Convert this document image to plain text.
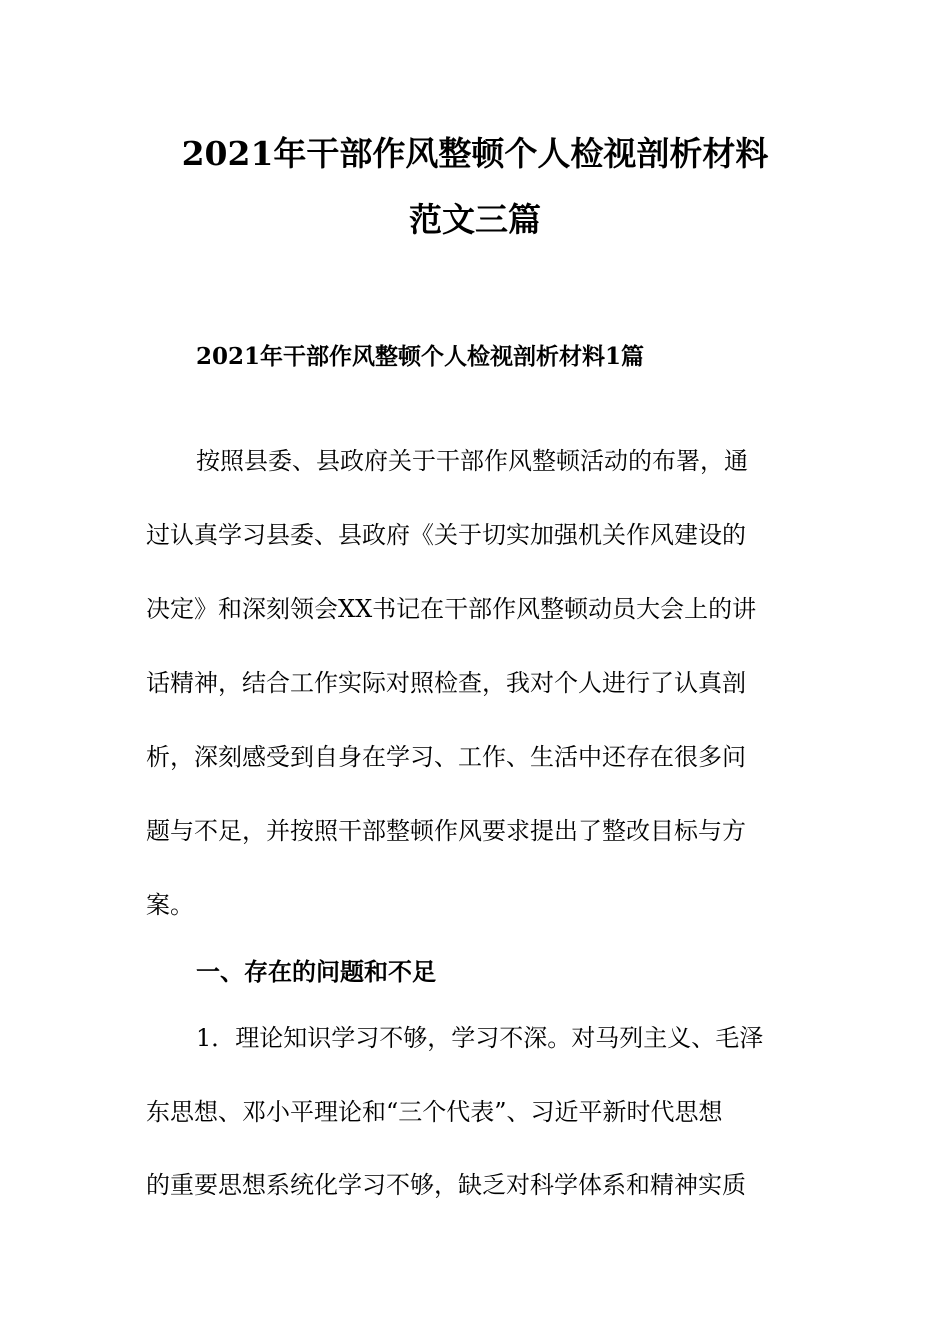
2021年干部作风整顿个人检视剖析材料
范文三篇
2021年干部作风整顿个人检视剖析材料1篇
按照县委、县政府关于干部作风整顿活动的布署，通
过认真学习县委、县政府《关于切实加强机关作风建设的
决定》和深刻领会XX书记在干部作风整顿动员大会上的讲
话精神，结合工作实际对照检查，我对个人进行了认真剖
析，深刻感受到自身在学习、工作、生活中还存在很多问
题与不足，并按照干部整顿作风要求提出了整改目标与方
案。
一、存在的问题和不足
1．理论知识学习不够，学习不深。对马列主义、毛泽
东思想、邓小平理论和“三个代表”、习近平新时代思想
的重要思想系统化学习不够，缺乏对科学体系和精神实质
